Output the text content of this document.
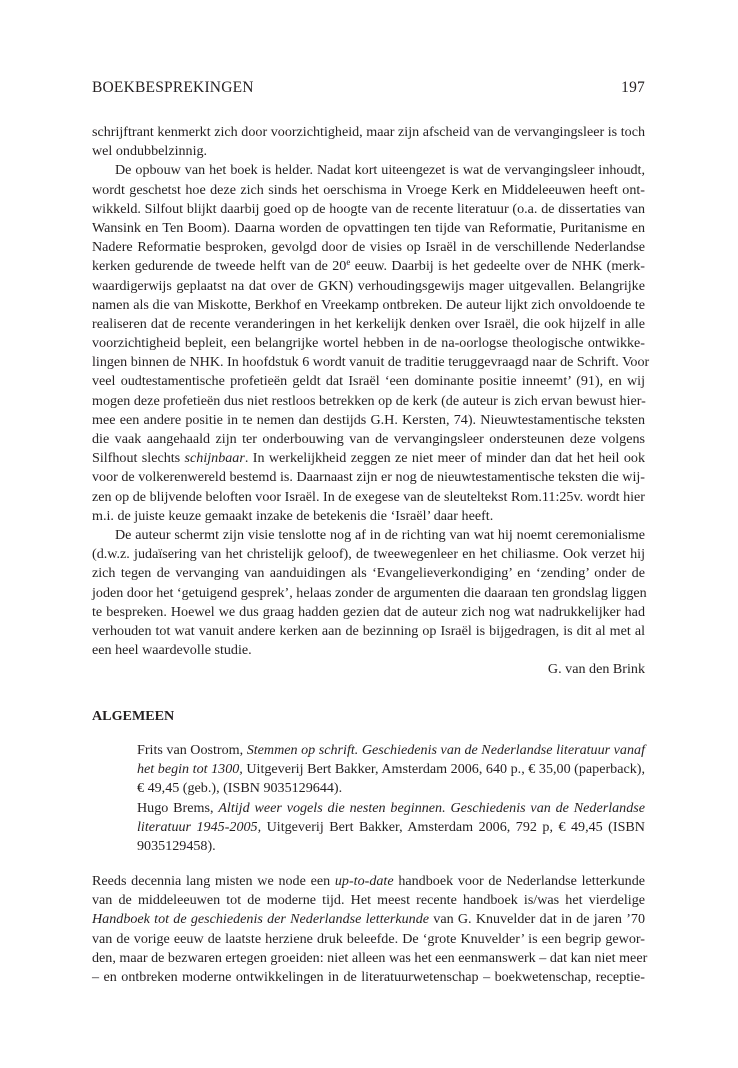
BOEKBESPREKINGEN	197
schrijftrant kenmerkt zich door voorzichtigheid, maar zijn afscheid van de vervangingsleer is toch
wel ondubbelzinnig.
De opbouw van het boek is helder. Nadat kort uiteengezet is wat de vervangingsleer inhoudt,
wordt geschetst hoe deze zich sinds het oerschisma in Vroege Kerk en Middeleeuwen heeft ont-
wikkeld. Silfout blijkt daarbij goed op de hoogte van de recente literatuur (o.a. de dissertaties van
Wansink en Ten Boom). Daarna worden de opvattingen ten tijde van Reformatie, Puritanisme en
Nadere Reformatie besproken, gevolgd door de visies op Israël in de verschillende Nederlandse
kerken gedurende de tweede helft van de 20e eeuw. Daarbij is het gedeelte over de NHK (merk-
waardigerwijs geplaatst na dat over de GKN) verhoudingsgewijs mager uitgevallen. Belangrijke
namen als die van Miskotte, Berkhof en Vreekamp ontbreken. De auteur lijkt zich onvoldoende te
realiseren dat de recente veranderingen in het kerkelijk denken over Israël, die ook hijzelf in alle
voorzichtigheid bepleit, een belangrijke wortel hebben in de na-oorlogse theologische ontwikke-
lingen binnen de NHK. In hoofdstuk 6 wordt vanuit de traditie teruggevraagd naar de Schrift. Voor
veel oudtestamentische profetieën geldt dat Israël ‘een dominante positie inneemt’ (91), en wij
mogen deze profetieën dus niet restloos betrekken op de kerk (de auteur is zich ervan bewust hier-
mee een andere positie in te nemen dan destijds G.H. Kersten, 74). Nieuwtestamentische teksten
die vaak aangehaald zijn ter onderbouwing van de vervangingsleer ondersteunen deze volgens
Silfhout slechts schijnbaar. In werkelijkheid zeggen ze niet meer of minder dan dat het heil ook
voor de volkerenwereld bestemd is. Daarnaast zijn er nog de nieuwtestamentische teksten die wij-
zen op de blijvende beloften voor Israël. In de exegese van de sleuteltekst Rom.11:25v. wordt hier
m.i. de juiste keuze gemaakt inzake de betekenis die ‘Israël’ daar heeft.
De auteur schermt zijn visie tenslotte nog af in de richting van wat hij noemt ceremonialisme
(d.w.z. judaïsering van het christelijk geloof), de tweewegenleer en het chiliasme. Ook verzet hij
zich tegen de vervanging van aanduidingen als ‘Evangelieverkondiging’ en ‘zending’ onder de
joden door het ‘getuigend gesprek’, helaas zonder de argumenten die daaraan ten grondslag liggen
te bespreken. Hoewel we dus graag hadden gezien dat de auteur zich nog wat nadrukkelijker had
verhouden tot wat vanuit andere kerken aan de bezinning op Israël is bijgedragen, is dit al met al
een heel waardevolle studie.
G. van den Brink
ALGEMEEN
Frits van Oostrom, Stemmen op schrift. Geschiedenis van de Nederlandse literatuur vanaf
het begin tot 1300, Uitgeverij Bert Bakker, Amsterdam 2006, 640 p., € 35,00 (paperback),
€ 49,45 (geb.), (ISBN 9035129644).
Hugo Brems, Altijd weer vogels die nesten beginnen. Geschiedenis van de Nederlandse
literatuur 1945-2005, Uitgeverij Bert Bakker, Amsterdam 2006, 792 p, € 49,45 (ISBN
9035129458).
Reeds decennia lang misten we node een up-to-date handboek voor de Nederlandse letterkunde
van de middeleeuwen tot de moderne tijd. Het meest recente handboek is/was het vierdelige
Handboek tot de geschiedenis der Nederlandse letterkunde van G. Knuvelder dat in de jaren ’70
van de vorige eeuw de laatste herziene druk beleefde. De ‘grote Knuvelder’ is een begrip gewor-
den, maar de bezwaren ertegen groeiden: niet alleen was het een eenmanswerk – dat kan niet meer
– en ontbreken moderne ontwikkelingen in de literatuurwetenschap – boekwetenschap, receptie-
